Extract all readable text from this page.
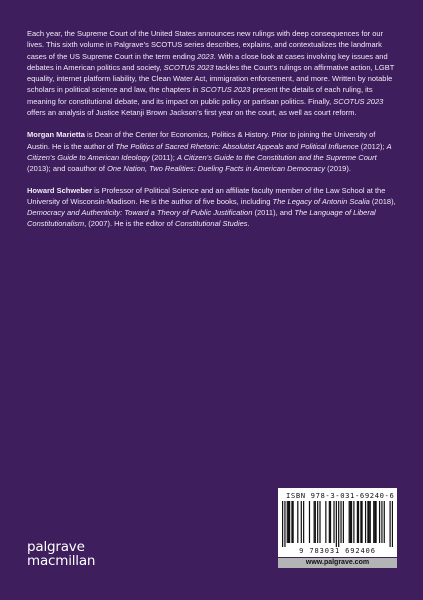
Each year, the Supreme Court of the United States announces new rulings with deep consequences for our lives. This sixth volume in Palgrave’s SCOTUS series describes, explains, and contextualizes the landmark cases of the US Supreme Court in the term ending 2023. With a close look at cases involving key issues and debates in American politics and society, SCOTUS 2023 tackles the Court’s rulings on affirmative action, LGBT equality, internet platform liability, the Clean Water Act, immigration enforcement, and more. Written by notable scholars in political science and law, the chapters in SCOTUS 2023 present the details of each ruling, its meaning for constitutional debate, and its impact on public policy or partisan politics. Finally, SCOTUS 2023 offers an analysis of Justice Ketanji Brown Jackson’s first year on the court, as well as court reform.

Morgan Marietta is Dean of the Center for Economics, Politics & History. Prior to joining the University of Austin. He is the author of The Politics of Sacred Rhetoric: Absolutist Appeals and Political Influence (2012); A Citizen’s Guide to American Ideology (2011); A Citizen’s Guide to the Constitution and the Supreme Court (2013); and coauthor of One Nation, Two Realities: Dueling Facts in American Democracy (2019).

Howard Schweber is Professor of Political Science and an affiliate faculty member of the Law School at the University of Wisconsin-Madison. He is the author of five books, including The Legacy of Antonin Scalia (2018), Democracy and Authenticity: Toward a Theory of Public Justification (2011), and The Language of Liberal Constitutionalism, (2007). He is the editor of Constitutional Studies.

palgrave
macmillan
ISBN 978-3-031-69240-6
9 783031 692406
www.palgrave.com
